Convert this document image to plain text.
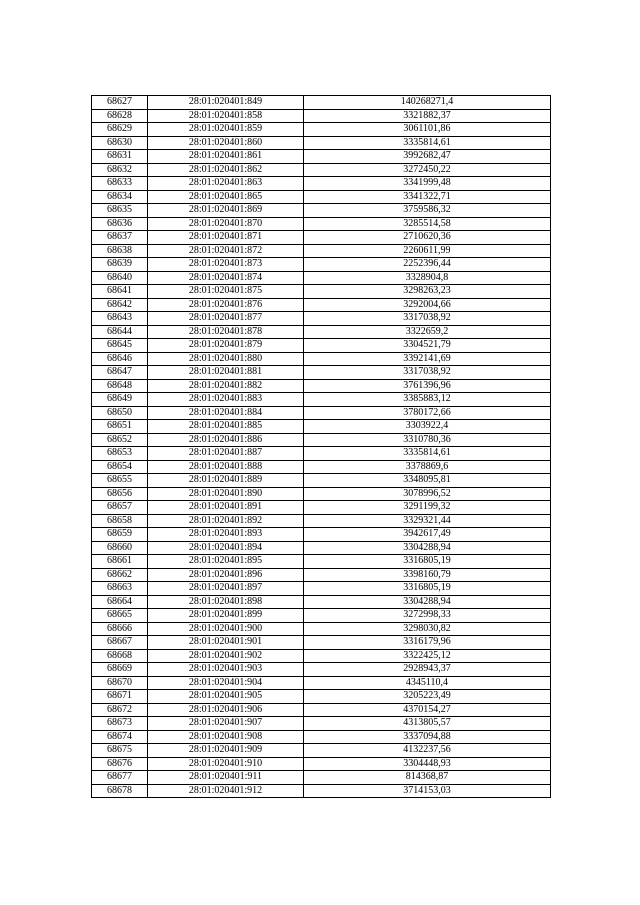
68627	28:01:020401:849	140268271,4
68628	28:01:020401:858	3321882,37
68629	28:01:020401:859	3061101,86
68630	28:01:020401:860	3335814,61
68631	28:01:020401:861	3992682,47
68632	28:01:020401:862	3272450,22
68633	28:01:020401:863	3341999,48
68634	28:01:020401:865	3341322,71
68635	28:01:020401:869	3759586,32
68636	28:01:020401:870	3285514,58
68637	28:01:020401:871	2710620,36
68638	28:01:020401:872	2260611,99
68639	28:01:020401:873	2252396,44
68640	28:01:020401:874	3328904,8
68641	28:01:020401:875	3298263,23
68642	28:01:020401:876	3292004,66
68643	28:01:020401:877	3317038,92
68644	28:01:020401:878	3322659,2
68645	28:01:020401:879	3304521,79
68646	28:01:020401:880	3392141,69
68647	28:01:020401:881	3317038,92
68648	28:01:020401:882	3761396,96
68649	28:01:020401:883	3385883,12
68650	28:01:020401:884	3780172,66
68651	28:01:020401:885	3303922,4
68652	28:01:020401:886	3310780,36
68653	28:01:020401:887	3335814,61
68654	28:01:020401:888	3378869,6
68655	28:01:020401:889	3348095,81
68656	28:01:020401:890	3078996,52
68657	28:01:020401:891	3291199,32
68658	28:01:020401:892	3329321,44
68659	28:01:020401:893	3942617,49
68660	28:01:020401:894	3304288,94
68661	28:01:020401:895	3316805,19
68662	28:01:020401:896	3398160,79
68663	28:01:020401:897	3316805,19
68664	28:01:020401:898	3304288,94
68665	28:01:020401:899	3272998,33
68666	28:01:020401:900	3298030,82
68667	28:01:020401:901	3316179,96
68668	28:01:020401:902	3322425,12
68669	28:01:020401:903	2928943,37
68670	28:01:020401:904	4345110,4
68671	28:01:020401:905	3205223,49
68672	28:01:020401:906	4370154,27
68673	28:01:020401:907	4313805,57
68674	28:01:020401:908	3337094,88
68675	28:01:020401:909	4132237,56
68676	28:01:020401:910	3304448,93
68677	28:01:020401:911	814368,87
68678	28:01:020401:912	3714153,03
